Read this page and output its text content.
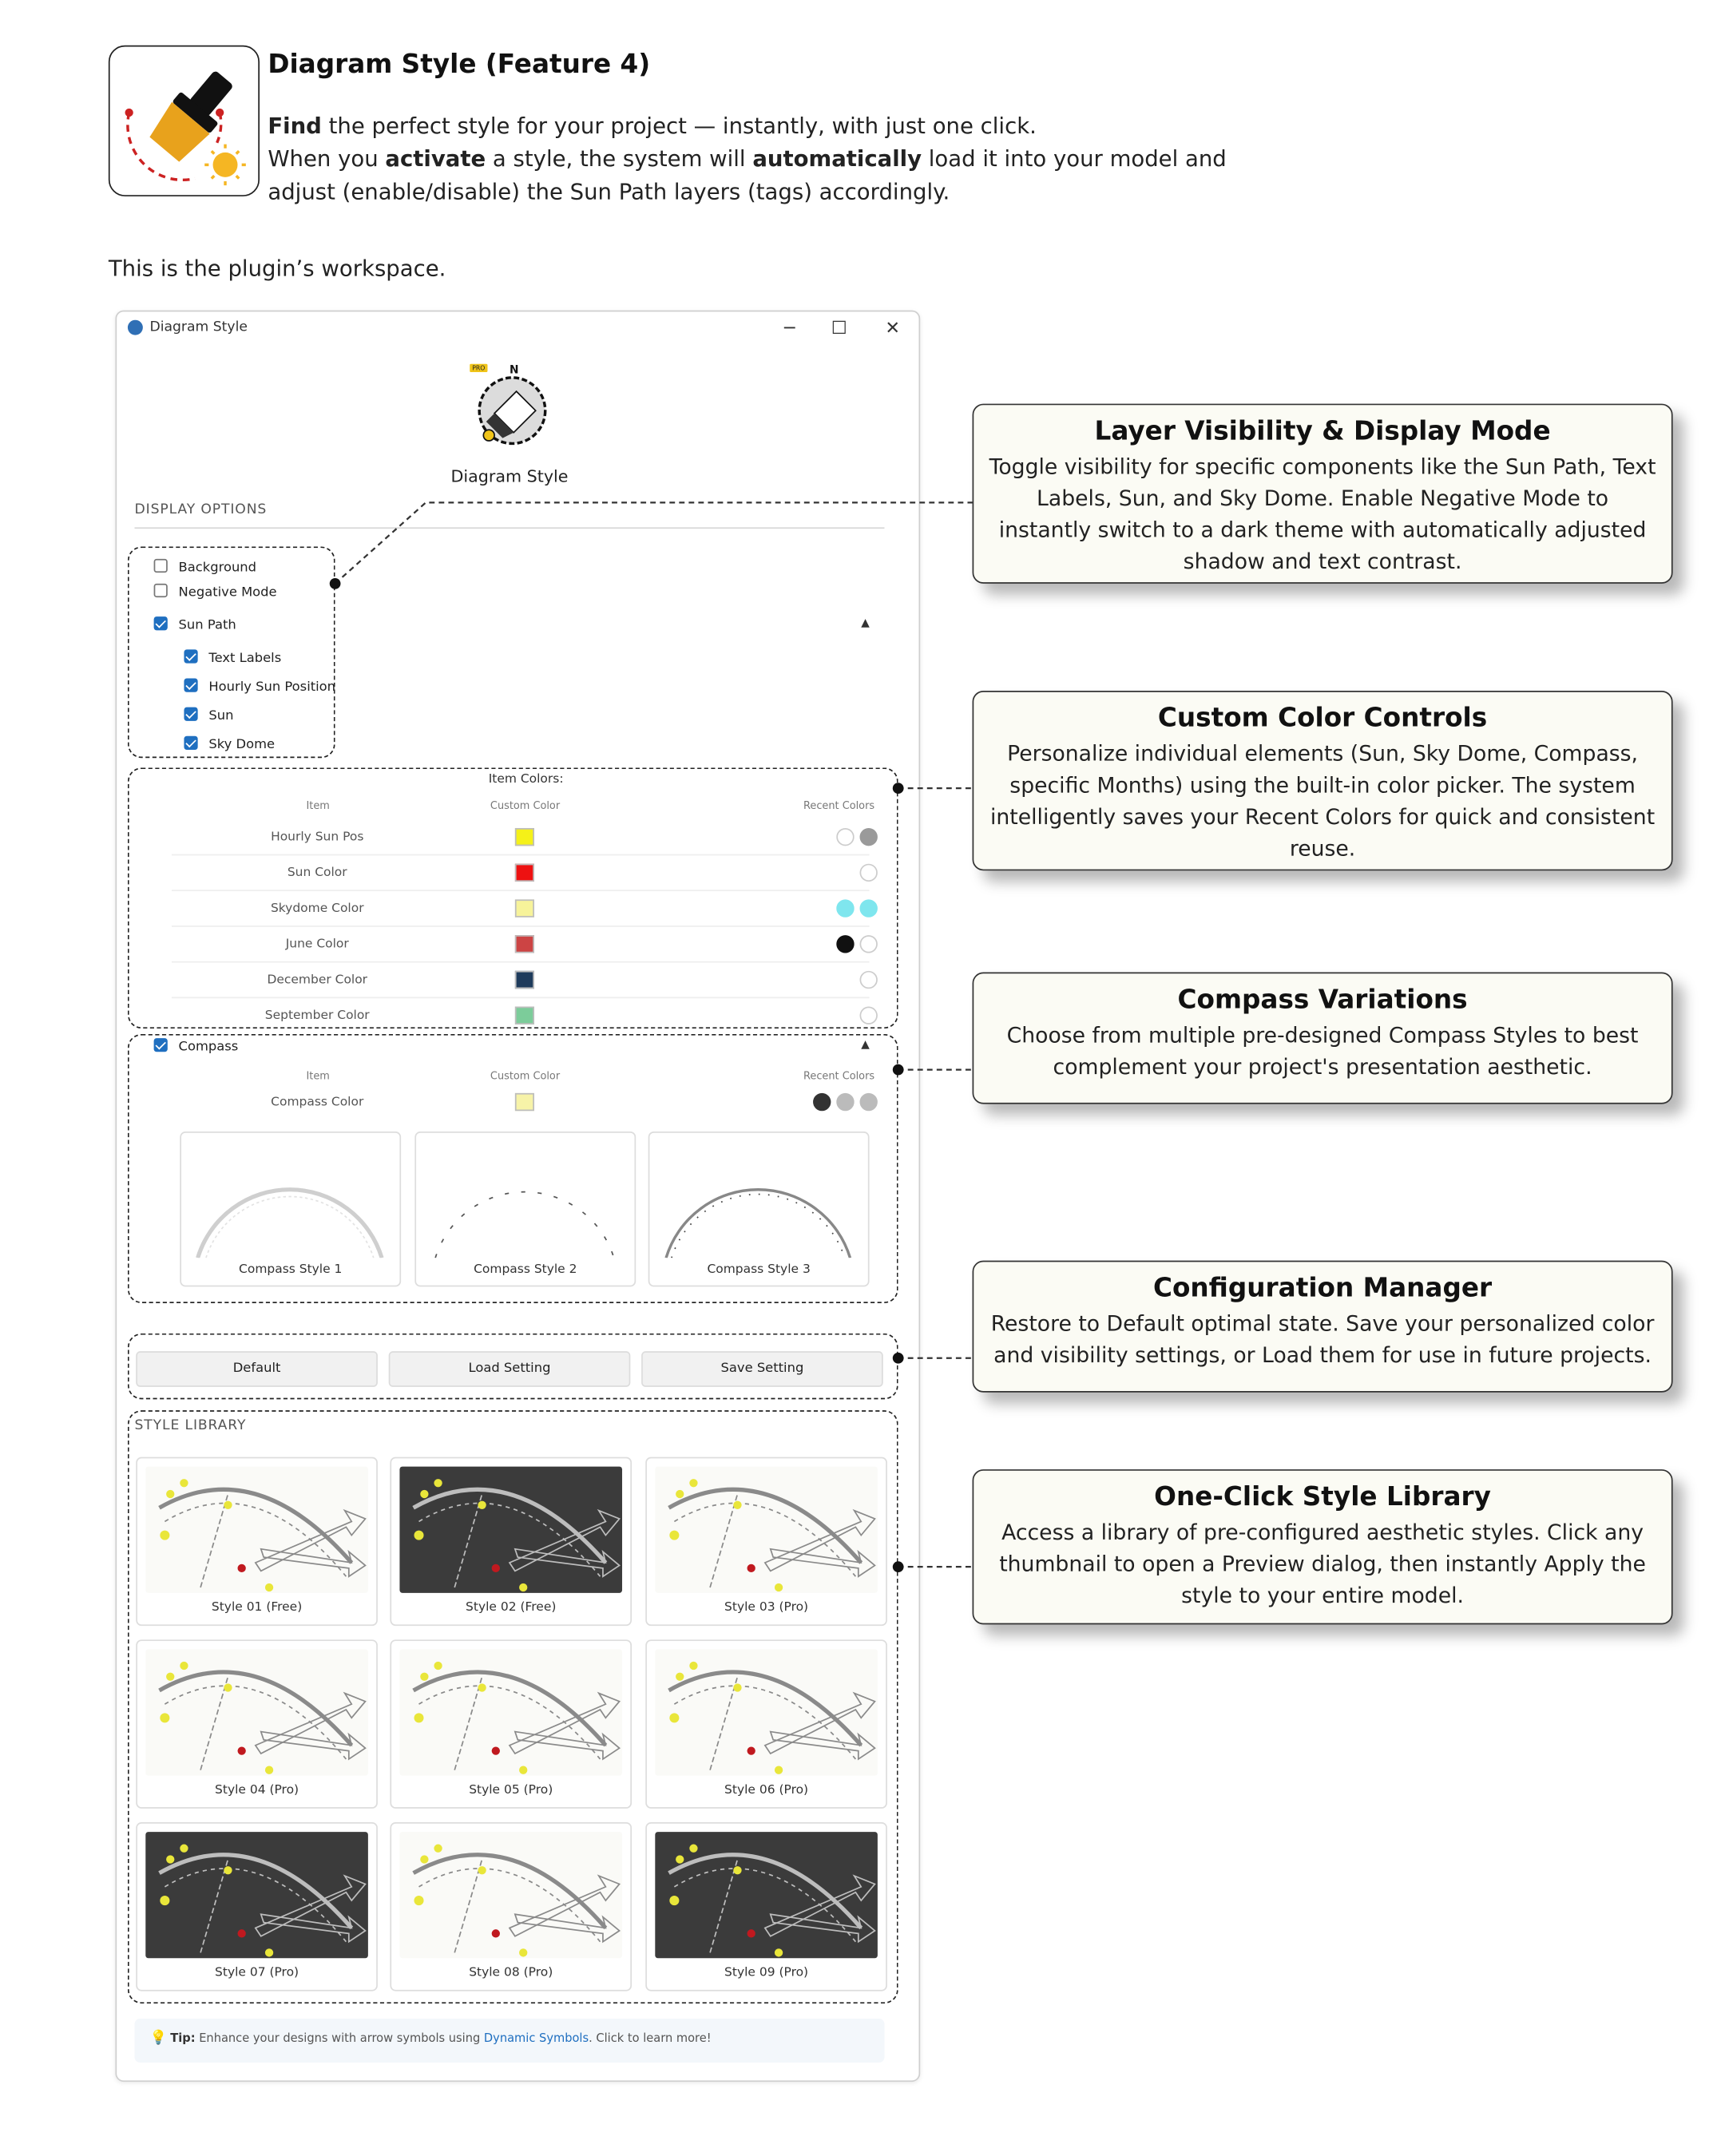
Diagram Style (Feature 4)
Find the perfect style for your project — instantly, with just one click.
When you activate a style, the system will automatically load it into your model and
adjust (enable/disable) the Sun Path layers (tags) accordingly.
This is the plugin’s workspace.
Diagram Style	─	☐	✕
PRO	N
Diagram Style
DISPLAY OPTIONS
Background
Negative Mode
Sun Path	▲
Text Labels
Hourly Sun Position
Sun
Sky Dome
Item Colors:
Item	Custom Color	Recent Colors
Hourly Sun Pos
Sun Color
Skydome Color
June Color
December Color
September Color
Compass	▲
Item	Custom Color	Recent Colors
Compass Color
Compass Style 1	Compass Style 2	Compass Style 3
Default	Load Setting	Save Setting
STYLE LIBRARY
Style 01 (Free)	Style 02 (Free)	Style 03 (Pro)
Style 04 (Pro)	Style 05 (Pro)	Style 06 (Pro)
Style 07 (Pro)	Style 08 (Pro)	Style 09 (Pro)
💡 Tip: Enhance your designs with arrow symbols using Dynamic Symbols. Click to learn more!
Layer Visibility & Display Mode
Toggle visibility for specific components like the Sun Path, Text Labels, Sun, and Sky Dome. Enable Negative Mode to instantly switch to a dark theme with automatically adjusted shadow and text contrast.
Custom Color Controls
Personalize individual elements (Sun, Sky Dome, Compass, specific Months) using the built-in color picker. The system intelligently saves your Recent Colors for quick and consistent reuse.
Compass Variations
Choose from multiple pre-designed Compass Styles to best complement your project's presentation aesthetic.
Configuration Manager
Restore to Default optimal state. Save your personalized color and visibility settings, or Load them for use in future projects.
One-Click Style Library
Access a library of pre-configured aesthetic styles. Click any thumbnail to open a Preview dialog, then instantly Apply the style to your entire model.
